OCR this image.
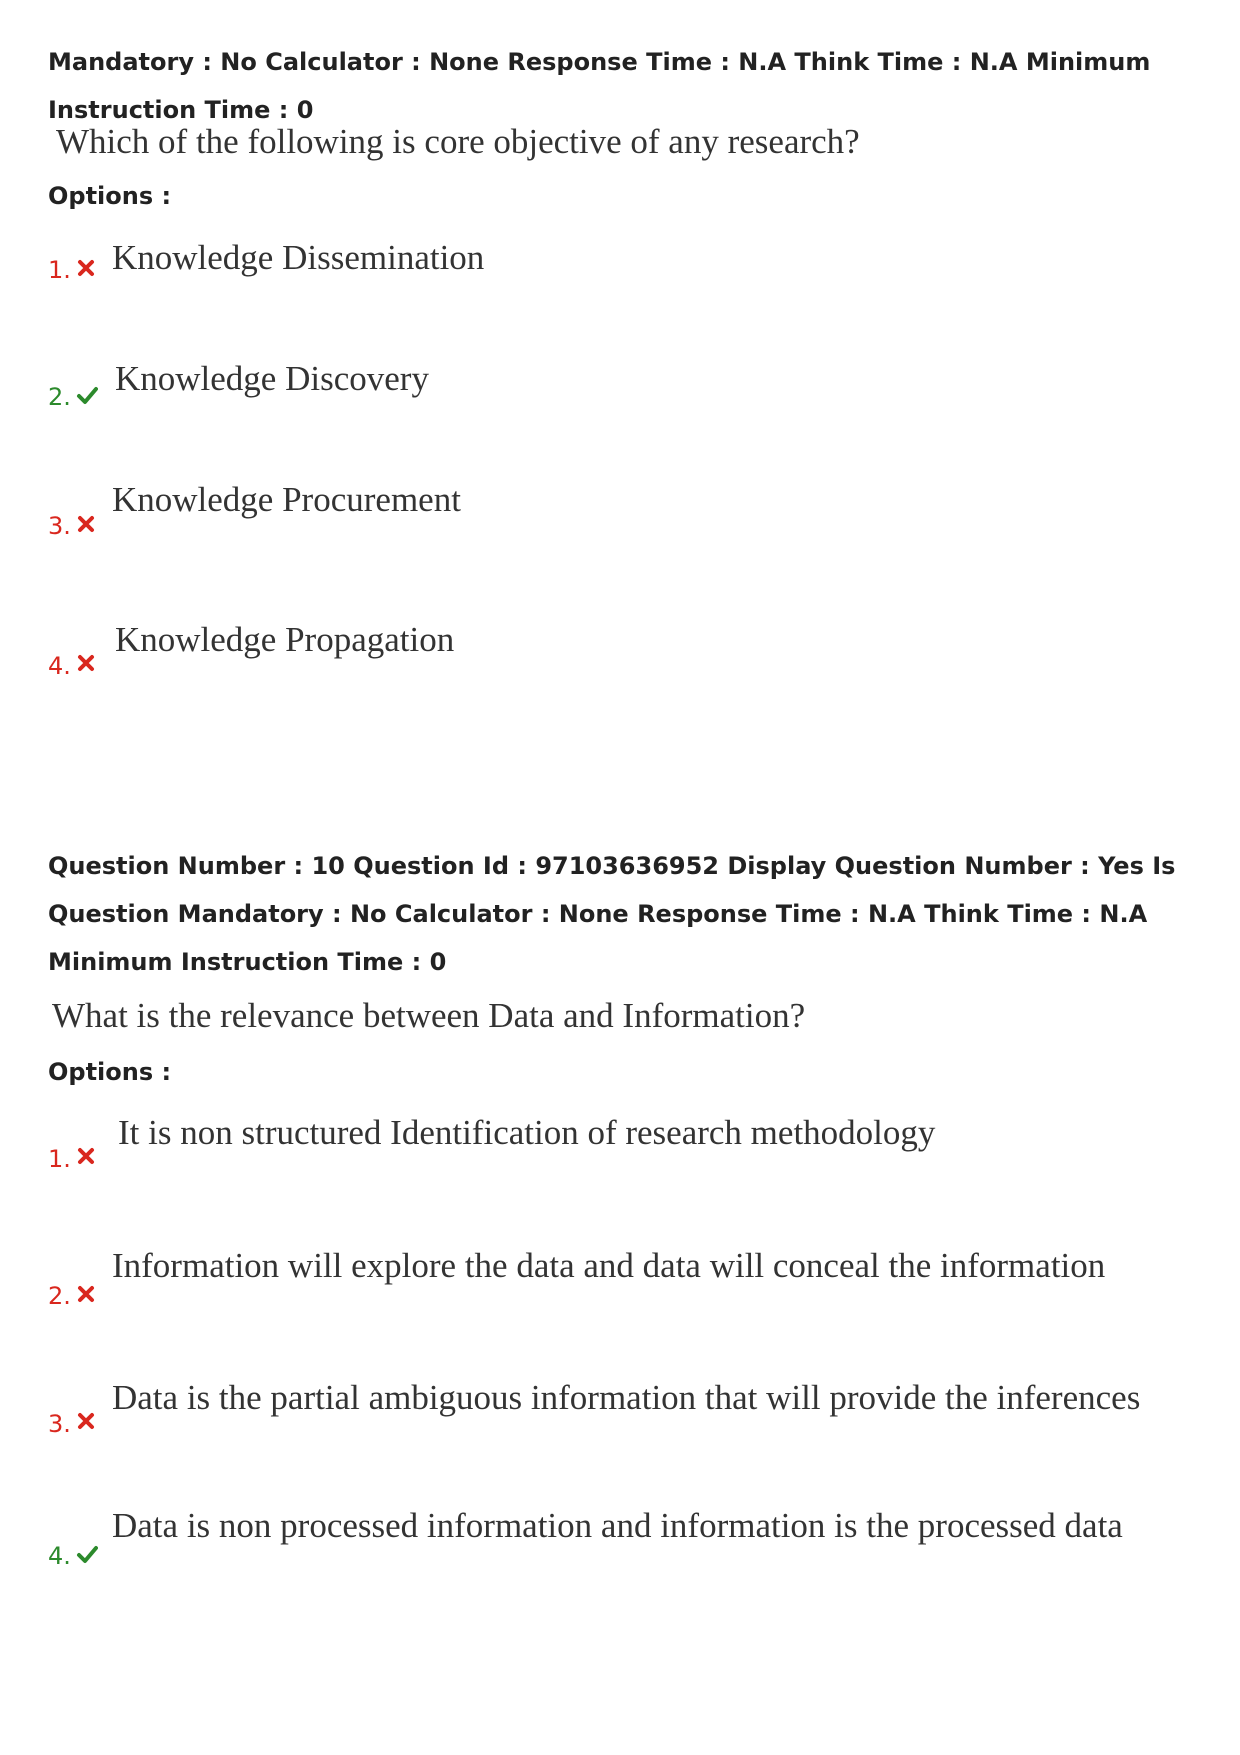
Mandatory : No Calculator : None Response Time : N.A Think Time : N.A Minimum Instruction Time : 0

Which of the following is core objective of any research?

Options :

1. Knowledge Dissemination
2. Knowledge Discovery
3.
Knowledge Procurement
4.
Knowledge Propagation

Question Number : 10 Question Id : 97103636952 Display Question Number : Yes Is Question Mandatory : No Calculator : None Response Time : N.A Think Time : N.A Minimum Instruction Time : 0

What is the relevance between Data and Information?

Options :

1.
It is non structured Identification of research methodology
2.
Information will explore the data and data will conceal the information
3.
Data is the partial ambiguous information that will provide the inferences
4.
Data is non processed information and information is the processed data
